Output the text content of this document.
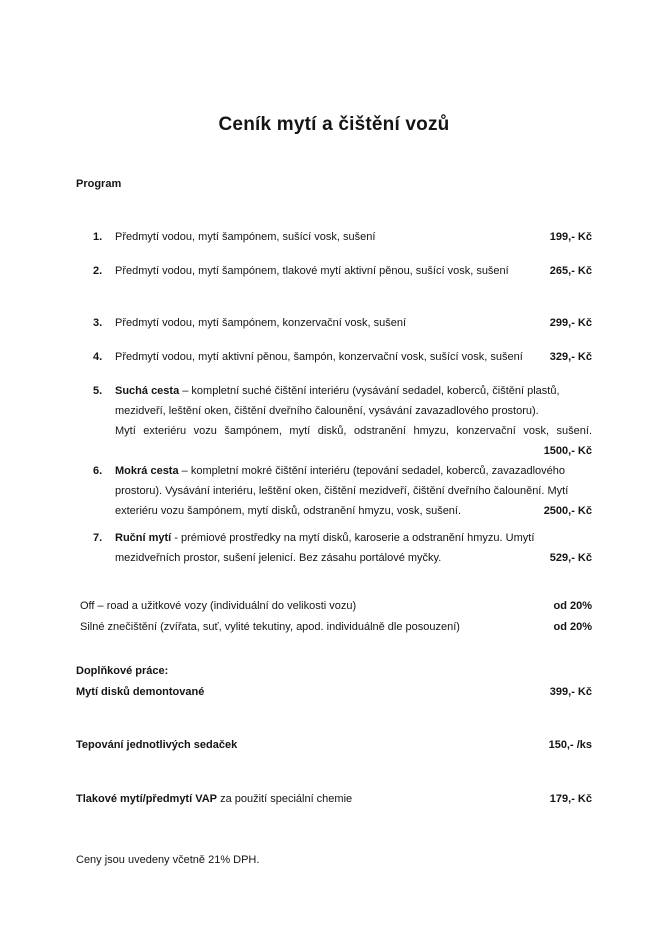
Ceník mytí a čištění vozů
Program
1.	Předmytí vodou, mytí šampónem, sušící vosk, sušení	199,- Kč
2.	Předmytí vodou, mytí šampónem, tlakové mytí aktivní pěnou, sušící vosk, sušení	265,- Kč
3.	Předmytí vodou, mytí šampónem, konzervační vosk, sušení	299,- Kč
4.	Předmytí vodou, mytí aktivní pěnou, šampón, konzervační vosk, sušící vosk, sušení	329,- Kč
5.	Suchá cesta – kompletní suché čištění interiéru (vysávání sedadel, koberců, čištění plastů,
mezidveří, leštění oken, čištění dveřního čalounění, vysávání zavazadlového prostoru).
Mytí exteriéru vozu šampónem, mytí disků, odstranění hmyzu, konzervační vosk, sušení.
1500,- Kč
6.	Mokrá cesta – kompletní mokré čištění interiéru (tepování sedadel, koberců, zavazadlového
prostoru). Vysávání interiéru, leštění oken, čištění mezidveří, čištění dveřního čalounění. Mytí
exteriéru vozu šampónem, mytí disků, odstranění hmyzu, vosk, sušení.	2500,- Kč
7.	Ruční mytí - prémiové prostředky na mytí disků, karoserie a odstranění hmyzu. Umytí
mezidveřních prostor, sušení jelenicí. Bez zásahu portálové myčky.	529,- Kč
Off – road a užitkové vozy (individuální do velikosti vozu)	od 20%
Silné znečištění (zvířata, suť, vylité tekutiny, apod. individuálně dle posouzení)	od 20%
Doplňkové práce:
Mytí disků demontované	399,- Kč
Tepování jednotlivých sedaček	150,- /ks
Tlakové mytí/předmytí VAP za použití speciální chemie	179,- Kč
Ceny jsou uvedeny včetně 21% DPH.
